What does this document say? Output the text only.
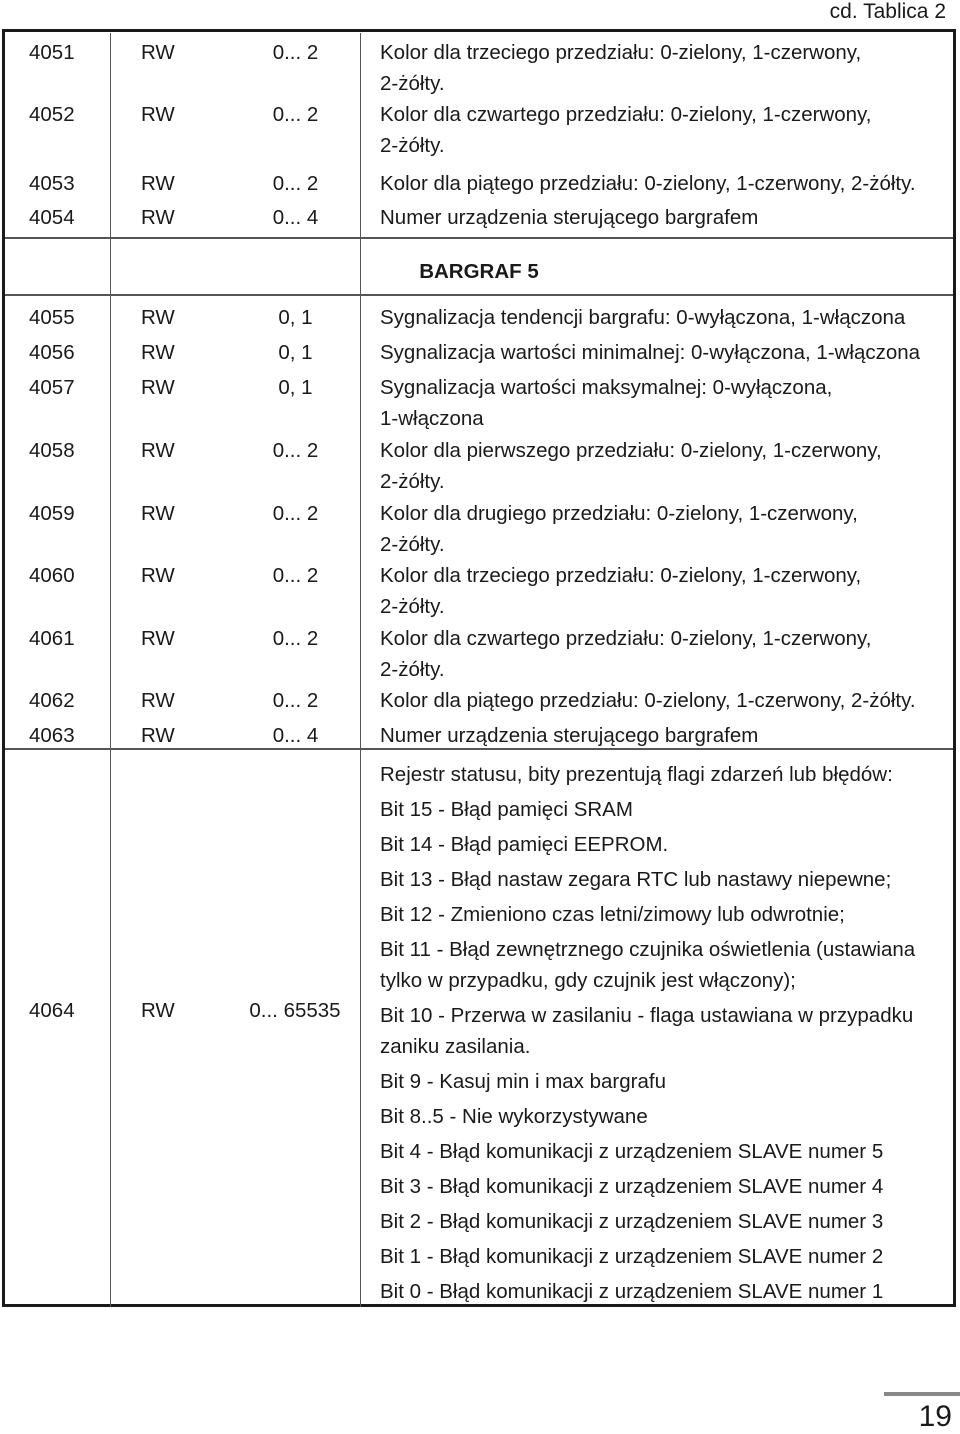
cd. Tablica 2
4051	RW	0... 2	Kolor dla trzeciego przedziału: 0-zielony, 1-czerwony,
2-żółty.
4052	RW	0... 2	Kolor dla czwartego przedziału: 0-zielony, 1-czerwony,
2-żółty.
4053	RW	0... 2	Kolor dla piątego przedziału: 0-zielony, 1-czerwony, 2-żółty.
4054	RW	0... 4	Numer urządzenia sterującego bargrafem
BARGRAF 5
4055	RW	0, 1	Sygnalizacja tendencji bargrafu: 0-wyłączona, 1-włączona
4056	RW	0, 1	Sygnalizacja wartości minimalnej: 0-wyłączona, 1-włączona
4057	RW	0, 1	Sygnalizacja wartości maksymalnej: 0-wyłączona,
1-włączona
4058	RW	0... 2	Kolor dla pierwszego przedziału: 0-zielony, 1-czerwony,
2-żółty.
4059	RW	0... 2	Kolor dla drugiego przedziału: 0-zielony, 1-czerwony,
2-żółty.
4060	RW	0... 2	Kolor dla trzeciego przedziału: 0-zielony, 1-czerwony,
2-żółty.
4061	RW	0... 2	Kolor dla czwartego przedziału: 0-zielony, 1-czerwony,
2-żółty.
4062	RW	0... 2	Kolor dla piątego przedziału: 0-zielony, 1-czerwony, 2-żółty.
4063	RW	0... 4	Numer urządzenia sterującego bargrafem
4064	RW	0... 65535
Rejestr statusu, bity prezentują flagi zdarzeń lub błędów:
Bit 15 - Błąd pamięci SRAM
Bit 14 - Błąd pamięci EEPROM.
Bit 13 - Błąd nastaw zegara RTC lub nastawy niepewne;
Bit 12 - Zmieniono czas letni/zimowy lub odwrotnie;
Bit 11 - Błąd zewnętrznego czujnika oświetlenia (ustawiana
tylko w przypadku, gdy czujnik jest włączony);
Bit 10 - Przerwa w zasilaniu - flaga ustawiana w przypadku
zaniku zasilania.
Bit 9 - Kasuj min i max bargrafu
Bit 8..5 - Nie wykorzystywane
Bit 4 - Błąd komunikacji z urządzeniem SLAVE numer 5
Bit 3 - Błąd komunikacji z urządzeniem SLAVE numer 4
Bit 2 - Błąd komunikacji z urządzeniem SLAVE numer 3
Bit 1 - Błąd komunikacji z urządzeniem SLAVE numer 2
Bit 0 - Błąd komunikacji z urządzeniem SLAVE numer 1
19
